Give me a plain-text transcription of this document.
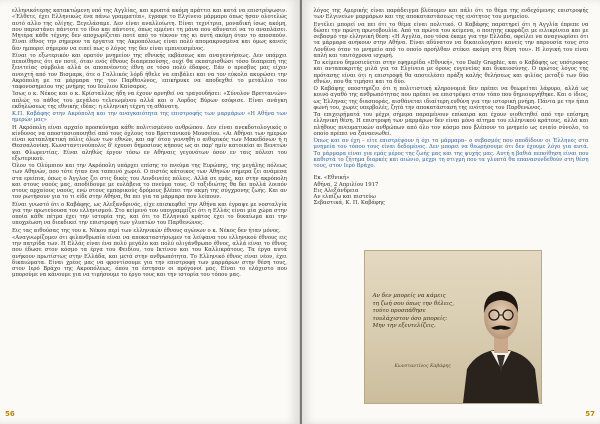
ελληνικότερης κατακτώμενη υπό της Αγγλίας, και κρυπτά ακόμη πράττει και κατά να επιστρέψωσιν. «Έλθετε, έχει Ελληνικώς ένα πάνω γραμματέα», έγραφε το Ελγίνειο μάρμαρο όπως ήσαν ολοτελώς αυτό αλλο της ολίγης. Ξεγελάσαμε. Δεν είναι αναλλοίωτη. Είναι τεχνίτρια, μοναδική ίσως ακόμη, που παριστάνει πάντοτε το ίδιο και πάντοτε, όπως εμμένει τη μάνα που αδυνατεί να το αναπλάσει. Μητέρα κάθε τέχνης δεν αποχωρίζεται ποτέ από το τέκνον της κι αυτή ακόμη όταν το αποσπούν. Είναι έθνος την σήμερον τα έργατια της Ακροπόλεως είναι πολύ απομακρυσμένα και όμως κανείς δεν ημπορεί σήμερον να ειπεί πως ο λόγος της δεν είναι εμπνευσμένος.

Είναι το εξωτερικόν και ορατόν μνημείον της εθνικής εκβάσεως και αναγεννήσεως. Δεν υπάρχει πεποίθησις ότι αν ποτέ, όταν ενός έθνους διαπρεπούσης, ουχί θα εκπατρισθώσι τόσο διαπρεπή της ξενιτείας σύμβολα αλλά οι αποπνέοντες έθνη σε τόσο πολύ έδαφος. Εάν ο πρεσβυς μας είχεν ανοιχτή από τον Βισμαρκ, ότε ο Γαλλικός λόρδ ήθελε να επιβάλει και να τον εύκολα ακυρώσει την Ακρόπολη με τα μάρμαρα της τον Παρθενώνος, επικήρυκε να αποδεχθεί το μετάλλιο του ταφονοσημείου της μνήμης του Ιουλιου Καίσαρος.

Ίσως ο κ. Νέκος και ο κ. Κρίσταλλος ήδη να έχουν αρνηθεί να τραγουδήσει: «Σύνολον Βρεττανιών» απλώς το πάθος του μεγάλου τελειωμένου αλλά και ο Λορδος Βύρων εσόφισε. Είναι ανάγκη εκδηλώσεως της εθνικής ιδέας: η ελληνική τέχνη τη αθάνατη.

Κ.Π. Καβάφης στην Ακρόπολη και την αναγκαιότητα της επιστροφής των μαρμάρων «Η Αθήνα των ημερών μας»

Η Ακρόπολη είναι αρχαίο προσκύνημα κάθε πολιτισμένου ανθρώπου. Δεν είναι ανεκδοτολογικός ο κίνδυνος να αποστασιοποιηθεί από τους όχλους του Βρεττανικού Μουσείου. «Αι Αθήναι των ημερών είναι καταπληκτική πόλις όλων των εθνών, και αφ' ότου γεννηθή ο αιθερικός των Μακεδόνων ή η Θεσσαλονίκη. Κωνσταντινούπολις δ' έχουσι δημοσίους κήπους ως αι παρ' ημίν κατοικίαι αι Βενετών και Φλωρεντίας. Είναι αληθώς έργον τόσω εν Αθήναις γεγονότων όσον εν ταις πόλεσι του εξωτερικού.

Όλον το Ολύμπιον και την Ακρόπολη υπάρχει επίσης το πνεύμα της Ευρώπης, της μεγάλης πόλεως των Αθηνών, που τότε ήταν ένα ταπεινό χωριό. Ο πιστός κάτοικος των Αθηνών σήμερα ζει ανάμεσα στα ερείπια, όπως ο Άγγλος ζει στις δικές του Λονδινείες πόλεις. Αλλά σε εμάς, και στην ακρόπολη και στους ναούς μας, αποδίδουμε με ευλάβεια το πνεύμα τους. Ο ταξιδιώτης θα δει πολλά λοιπόν στους αρχαίους ναούς, ενώ στους εμπορικούς δρόμους βλέπει την ακμή της σύγχρονης ζωής. Και αν τον ρωτήσουν για το τι είδε στην Αθήνα, θα πει για τα μάρμαρα που λείπουν.

Είναι γνωστό ότι ο Καβάφης, ως Αλεξανδρινός, είχε επισκεφθεί την Αθήνα και έγραψε με νοσταλγία για την πρωτεύουσα του ελληνισμού. Στο κείμενό του υπογραμμίζει ότι η Ελλάς είναι μία χώρα στην οποία κάθε πέτρα έχει την ιστορία της, και ότι το Ελληνικό κράτος έχει το δικαίωμα και την υποχρέωση να διεκδικεί την επιστροφή των γλυπτών του Παρθενώνος.

Εις τας αιθούσας της του κ. Νέκου περί των ελληνικών έθνους αγώνων ο κ. Νέκος δεν ήταν μόνος.

«Αναγνωρίζομεν ότι φιλανθρωπία είναι να αποκαταστήσωμεν τα λείψανα του ελληνικού έθνους εις την πατρίδα των. Η Ελλάς είναι ένα πολύ μεγάλο και πολύ ολιγάνθρωπο έθνος, αλλά είναι το έθνος που έδωσε στον κόσμο τα έργα του Φειδίου, του Ικτίνου και του Καλλικράτους. Τα έργα αυτά ανήκουν πρωτίστως στην Ελλάδα, και μετά στην ανθρωπότητα. Το Ελληνικό έθνος είναι νέον, έχει δικαιώματα. Είναι χρέος μας να φροντίσουμε για την επιστροφή των μαρμάρων στην θέση τους, στον Ιερό Βράχο της Ακροπόλεως, όπου τα έστησαν οι πρόγονοί μας. Είναι το ελάχιστο που μπορούμε να κάνουμε για να τιμήσουμε το έργο τους και την ιστορία του τόπου μας.

56

λόγος της Αμερικής είναι παράδειγμα βλέπομεν και πάλι ότι το θέμα της ενδεχόμενης επιστροφής των Ελγινείων μαρμάρων και της αποκαταστάσεως της ενότητος του μνημείου.

Εντέλει μπορεί να πει ότι το θέμα είναι πολιτικό. Ο Καβάφης παρατηρεί ότι η Αγγλία έπρεπε να δώσει την πρώτη πρωτοβουλία. Από τα πρώτα του κείμενα, ο ποιητής εκφράζει με ειλικρίνεια και με σεβασμό την ελληνική θέση: «Η Αγγλία, που τόσα έκαμε για την Ελλάδα, οφείλει να αναγνωρίσει ότι τα μάρμαρα ανήκουν στην Αθήνα. Είναι αδύνατον να δικαιολογήσει κανείς την παρουσία τους στο Λονδίνο όταν το μνημείο από το οποίο προήλθαν στέκει ακόμη στη θέση του». Η λογική του είναι απλή και ταυτόχρονα ισχυρή.

Το κείμενο δημοσιεύεται στην εφημερίδα «Εθνική», του Daily Graphic, και ο Καβάφης ως υπότροφος και ανταποκριτής μιλά για τα Ελγίνεια με όρους ευγενείας και δικαιοσύνης. Ο πρώτος λόγος της πρότασης είναι ότι η επιστροφή θα αποτελέσει πράξη καλής θελήσεως και φιλίας μεταξύ των δύο εθνών, που θα τιμήσει και τα δύο.

Ο Καβάφης υποστηρίζει ότι η πολιτιστική κληρονομιά δεν πρέπει να θεωρείται λάφυρο, αλλά ως κοινό αγαθό της ανθρωπότητας που πρέπει να επιστρέψει στον τόπο που δημιουργήθηκε. Και ο ίδιος, ως Έλληνας της διασποράς, αισθάνεται ιδιαίτερη ευθύνη για την ιστορική μνήμη. Πάντα με την ήπια φωνή του, χωρίς υπερβολές, ζητά την αποκατάσταση της ενότητος του Παρθενώνος.

Τα επιχειρήματά του μέχρι σήμερα παραμένουν επίκαιρα και έχουν υιοθετηθεί από την επίσημη ελληνική θέση. Η επιστροφή των μαρμάρων δεν είναι μόνο αίτημα του ελληνικού κράτους, αλλά και πλήθους πνευματικών ανθρώπων από όλο τον κόσμο που βλέπουν το μνημείο ως ενιαίο σύνολο, το οποίο πρέπει να ξαναενωθεί.

Όπως και αν έχη – είτε επιστρέψουν ή όχι τα μάρμαρα– ο σεβασμός που αποδίδουν οι Έλληνες στα μνημεία του τόπου τους είναι δεδομένος. Δεν μπορεί να θεωρήσουμε ότι δεν έχουμε λόγο για αυτά. Τα μάρμαρα είναι για εμάς μέρος της ζωής μας και της ψυχής μας. Αυτή η βαθιά πεποίθηση είναι που καθιστά το ζήτημα διαρκές και αιώνιο, μέχρι τη στιγμή που τα γλυπτά θα επανασυνδεθούν στη θέση τους, στον Ιερό Βράχο.

Εκ. «Εθνική»
Αθήνα, 2 Απριλίου 1917
Εις Αλεξάνδρεια
Αν ελπίζω και πιστεύω
Σεβαστικά, Κ. Π. Καβάφης
Αν δεν μπορείς να κάμεις
τη ζωή σου όπως την θέλεις,
τούτο προσπάθησε
τουλάχιστον όσο μπορείς:
Μην την εξευτελίζεις.
Κωνσταντίνος Καβάφης
57
